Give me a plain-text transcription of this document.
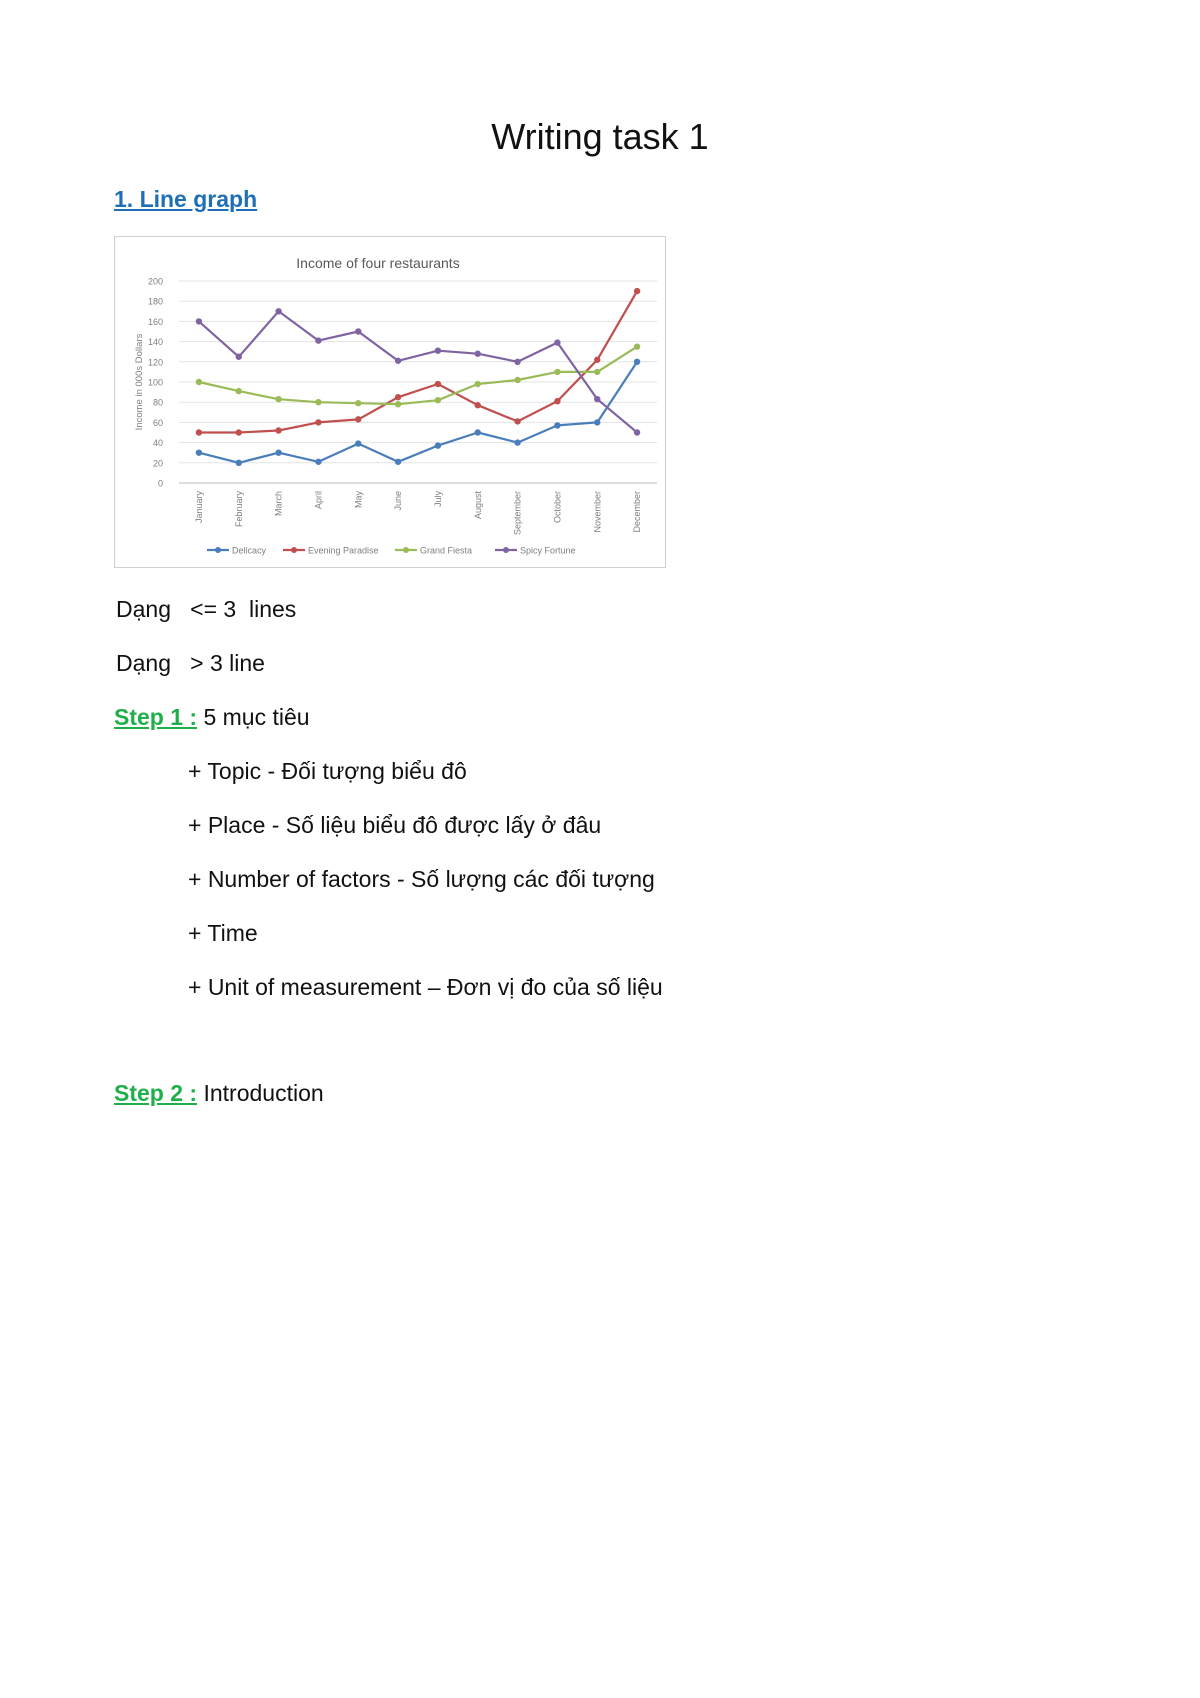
Writing task 1
1. Line graph
Income of four restaurants
0
20
40
60
80
100
120
140
160
180
200
Income in 000s Dollars
January	February	March	April	May	June	July	August	September	October	November	December
Delicacy	Evening Paradise	Grand Fiesta	Spicy Fortune
Dạng   <= 3  lines
Dạng   > 3 line
Step 1 : 5 mục tiêu
+ Topic - Đối tượng biểu đô
+ Place - Số liệu biểu đô được lấy ở đâu
+ Number of factors - Số lượng các đối tượng
+ Time
+ Unit of measurement – Đơn vị đo của số liệu
Step 2 : Introduction
